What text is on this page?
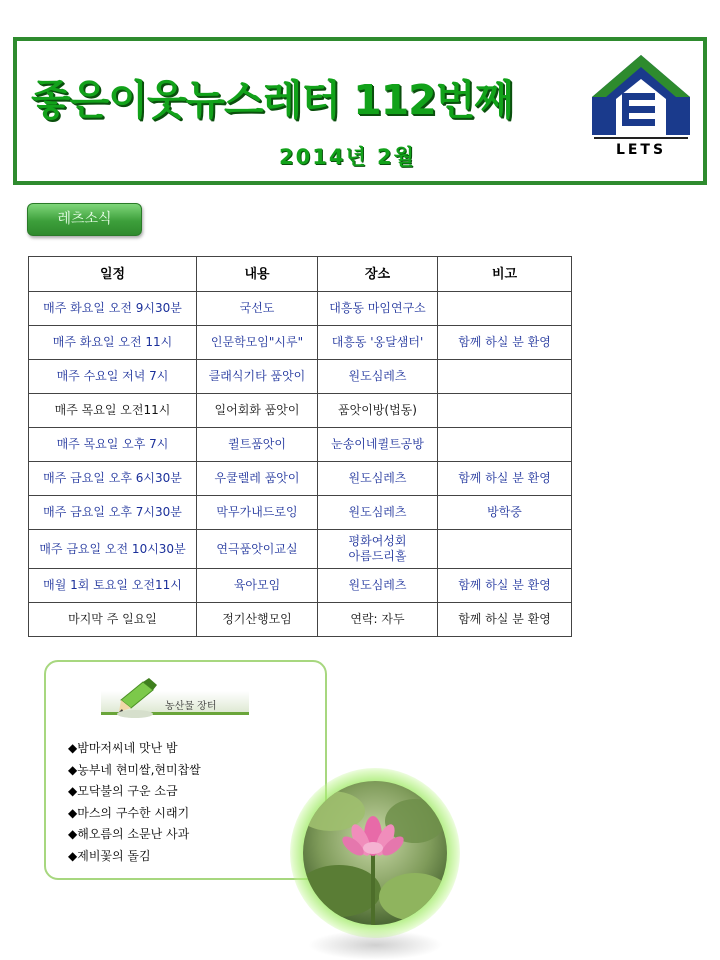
좋은이웃뉴스레터 112번째
2014년 2월	LETS
레츠소식
일정	내용	장소	비고
매주 화요일 오전 9시30분	국선도	대흥동 마임연구소	
매주 화요일 오전 11시	인문학모임"시루"	대흥동 '옹달샘터'	함께 하실 분 환영
매주 수요일 저녁 7시	클래식기타 품앗이	원도심레츠	
매주 목요일 오전11시	일어회화 품앗이	품앗이방(법동)	
매주 목요일 오후 7시	퀼트품앗이	눈송이네퀼트공방	
매주 금요일 오후 6시30분	우쿨렐레 품앗이	원도심레츠	함께 하실 분 환영
매주 금요일 오후 7시30분	막무가내드로잉	원도심레츠	방학중
매주 금요일 오전 10시30분	연극품앗이교실	평화여성회
아름드리홀	
매월 1회 토요일 오전11시	육아모임	원도심레츠	함께 하실 분 환영
마지막 주 일요일	정기산행모임	연락: 자두	함께 하실 분 환영
농산물 장터
◆밤마저씨네 맛난 밤
◆농부네 현미쌀,현미찹쌀
◆모닥불의 구운 소금
◆마스의 구수한 시래기
◆해오름의 소문난 사과
◆제비꽃의 돌김
